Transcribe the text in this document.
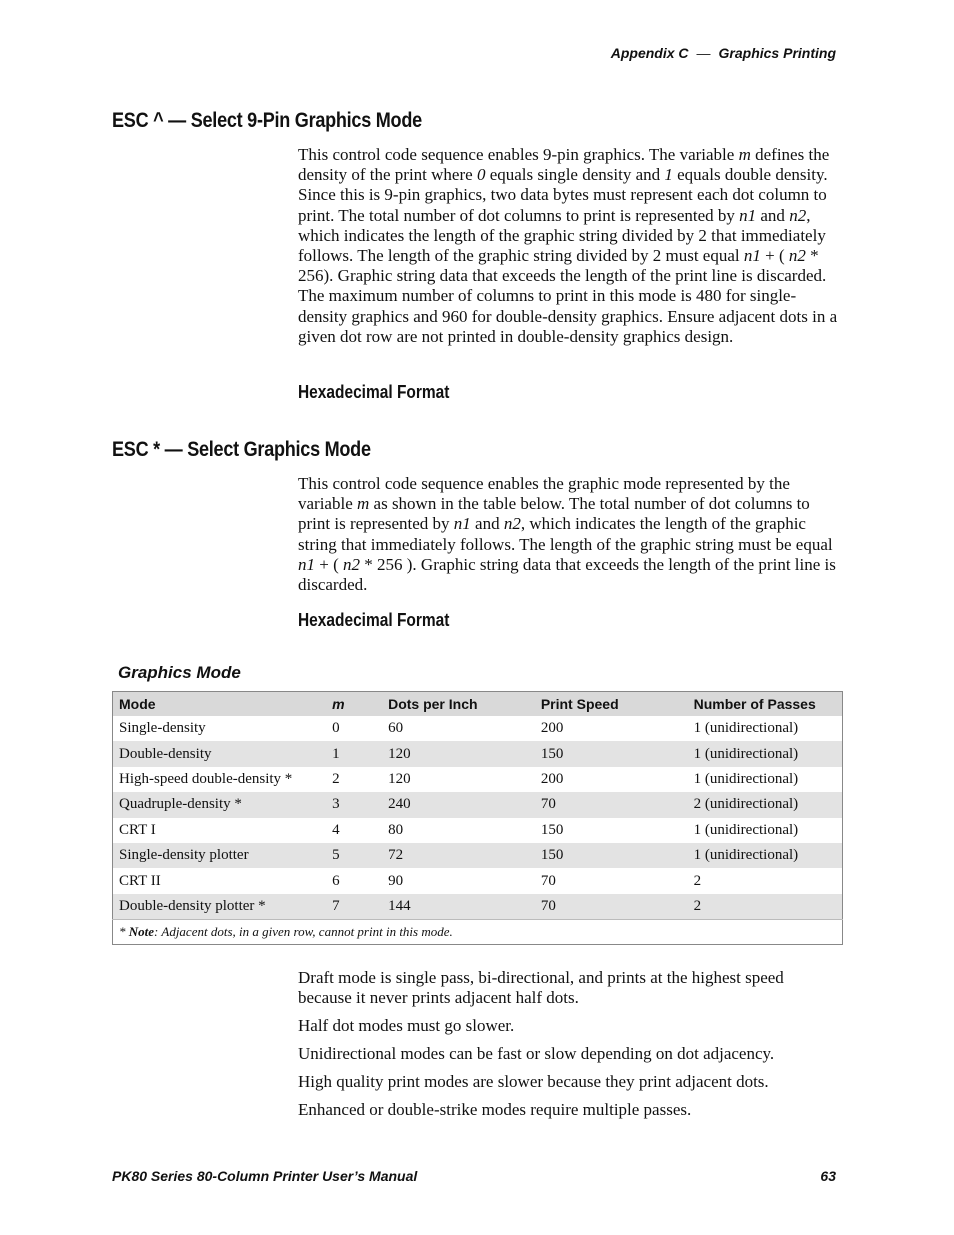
Appendix C — Graphics Printing
ESC ^ — Select 9-Pin Graphics Mode
This control code sequence enables 9-pin graphics. The variable m defines the density of the print where 0 equals single density and 1 equals double density. Since this is 9-pin graphics, two data bytes must represent each dot column to print. The total number of dot columns to print is represented by n1 and n2, which indicates the length of the graphic string divided by 2 that immediately follows. The length of the graphic string divided by 2 must equal n1 + ( n2 * 256). Graphic string data that exceeds the length of the print line is discarded. The maximum number of columns to print in this mode is 480 for single-density graphics and 960 for double-density graphics. Ensure adjacent dots in a given dot row are not printed in double-density graphics design.
Hexadecimal Format
ESC * — Select Graphics Mode
This control code sequence enables the graphic mode represented by the variable m as shown in the table below. The total number of dot columns to print is represented by n1 and n2, which indicates the length of the graphic string that immediately follows. The length of the graphic string must be equal n1 + ( n2 * 256 ). Graphic string data that exceeds the length of the print line is discarded.
Hexadecimal Format
Graphics Mode
Mode	m	Dots per Inch	Print Speed	Number of Passes
Single-density	0	60	200	1 (unidirectional)
Double-density	1	120	150	1 (unidirectional)
High-speed double-density *	2	120	200	1 (unidirectional)
Quadruple-density *	3	240	70	2 (unidirectional)
CRT I	4	80	150	1 (unidirectional)
Single-density plotter	5	72	150	1 (unidirectional)
CRT II	6	90	70	2
Double-density plotter *	7	144	70	2
* Note: Adjacent dots, in a given row, cannot print in this mode.				
Draft mode is single pass, bi-directional, and prints at the highest speed because it never prints adjacent half dots.
Half dot modes must go slower.
Unidirectional modes can be fast or slow depending on dot adjacency.
High quality print modes are slower because they print adjacent dots.
Enhanced or double-strike modes require multiple passes.
PK80 Series 80-Column Printer User’s Manual	63
